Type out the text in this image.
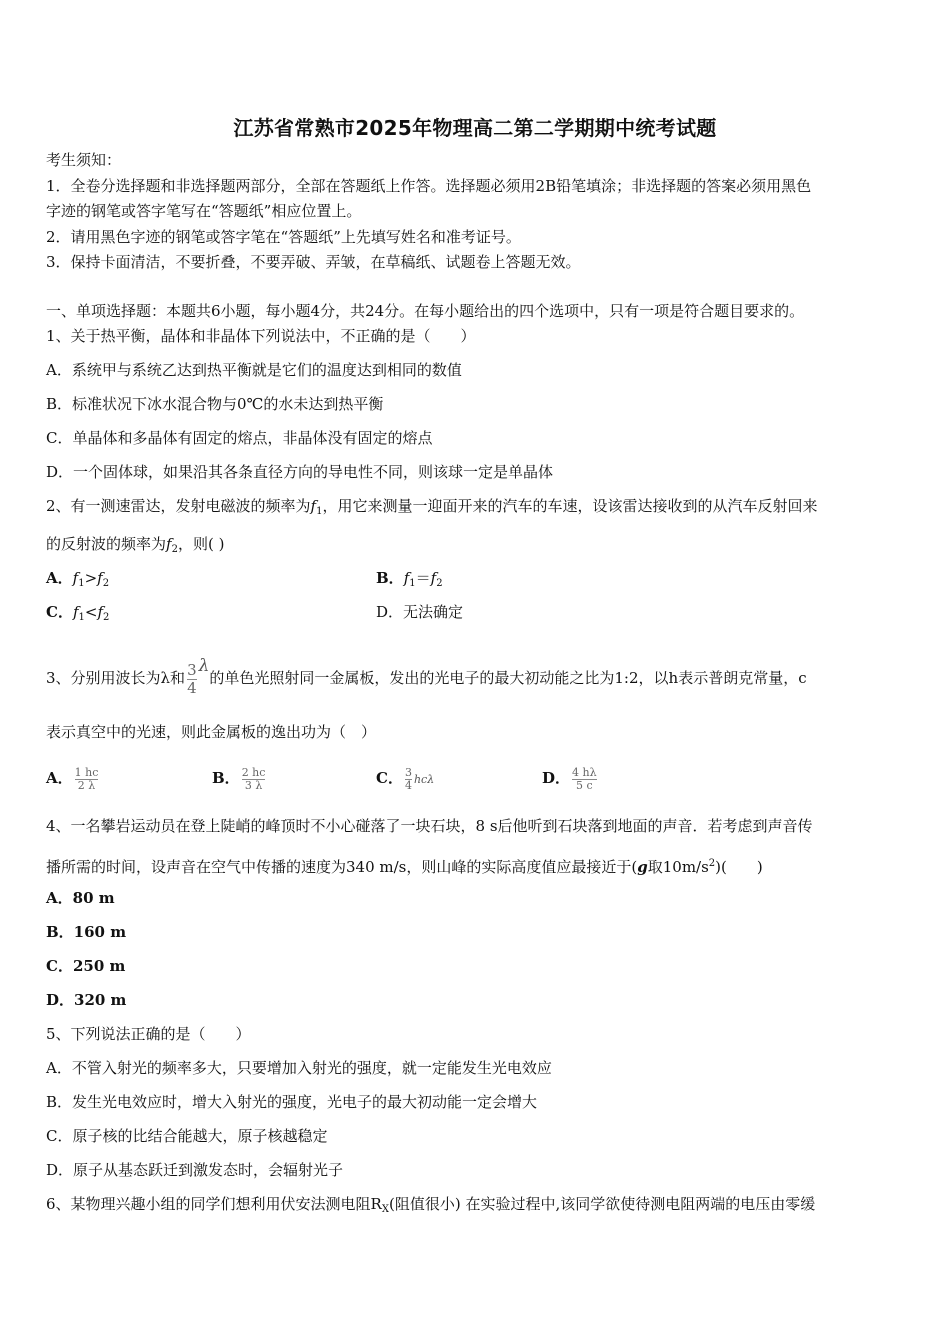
江苏省常熟市2025年物理高二第二学期期中统考试题
考生须知：
1．全卷分选择题和非选择题两部分，全部在答题纸上作答。选择题必须用2B铅笔填涂；非选择题的答案必须用黑色
字迹的钢笔或答字笔写在“答题纸”相应位置上。
2．请用黑色字迹的钢笔或答字笔在“答题纸”上先填写姓名和准考证号。
3．保持卡面清洁，不要折叠，不要弄破、弄皱，在草稿纸、试题卷上答题无效。
一、单项选择题：本题共6小题，每小题4分，共24分。在每小题给出的四个选项中，只有一项是符合题目要求的。
1、关于热平衡，晶体和非晶体下列说法中，不正确的是（　　）
A．系统甲与系统乙达到热平衡就是它们的温度达到相同的数值
B．标准状况下冰水混合物与0℃的水未达到热平衡
C．单晶体和多晶体有固定的熔点，非晶体没有固定的熔点
D．一个固体球，如果沿其各条直径方向的导电性不同，则该球一定是单晶体
2、有一测速雷达，发射电磁波的频率为$f_1$，用它来测量一迎面开来的汽车的车速，设该雷达接收到的从汽车反射回来
的反射波的频率为$f_2$，则( )
A．$f_1>f_2$	B．$f_1=f_2$
C．$f_1<f_2$	D．无法确定
3、分别用波长为λ和 $\frac{3}{4}$ λ的单色光照射同一金属板，发出的光电子的最大初动能之比为1:2，以h表示普朗克常量，c
表示真空中的光速，则此金属板的逸出功为（　）
A． $\frac{1 hc}{2 \lambda}$	B． $\frac{2 hc}{3 \lambda}$	C． $\frac{3}{4}$ hcλ	D． $\frac{4 h\lambda}{5 c}$
4、一名攀岩运动员在登上陡峭的峰顶时不小心碰落了一块石块，8 s后他听到石块落到地面的声音．若考虑到声音传
播所需的时间，设声音在空气中传播的速度为340 m/s，则山峰的实际高度值应最接近于(g取$10m/s^2$)(　　)
A．80 m
B．160 m
C．250 m
D．320 m
5、下列说法正确的是（　　）
A．不管入射光的频率多大，只要增加入射光的强度，就一定能发生光电效应
B．发生光电效应时，增大入射光的强度，光电子的最大初动能一定会增大
C．原子核的比结合能越大，原子核越稳定
D．原子从基态跃迁到激发态时，会辐射光子
6、某物理兴趣小组的同学们想利用伏安法测电阻$R_X$(阻值很小) 在实验过程中,该同学欲使待测电阻两端的电压由零缓
